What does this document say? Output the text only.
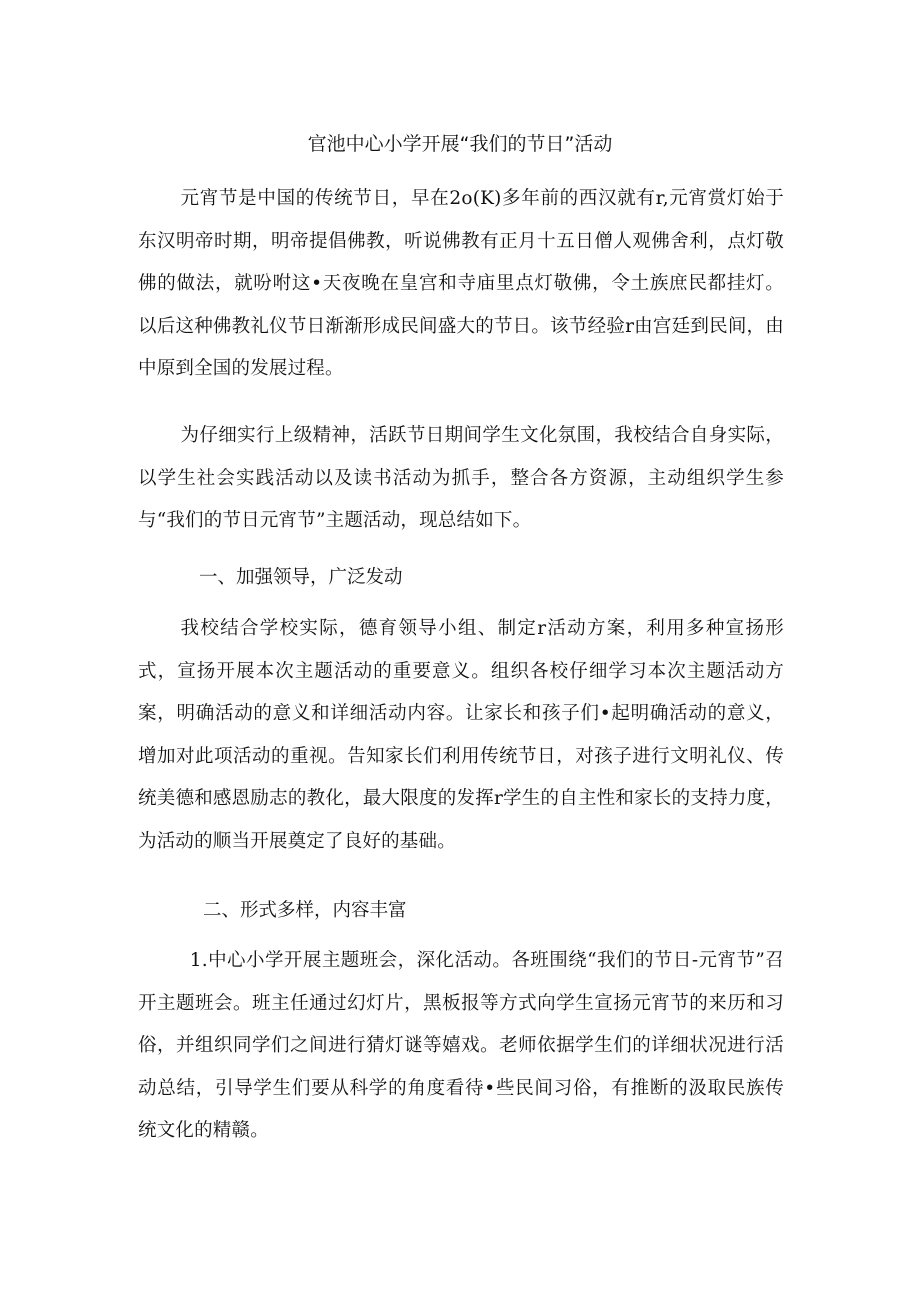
官池中心小学开展“我们的节日”活动

元宵节是中国的传统节日，早在2o(K)多年前的西汉就有r,元宵赏灯始于东汉明帝时期，明帝提倡佛教，听说佛教有正月十五日僧人观佛舍利，点灯敬佛的做法，就吩咐这•天夜晚在皇宫和寺庙里点灯敬佛，令土族庶民都挂灯。以后这种佛教礼仪节日渐渐形成民间盛大的节日。该节经验r由宫廷到民间，由中原到全国的发展过程。

为仔细实行上级精神，活跃节日期间学生文化氛围，我校结合自身实际，以学生社会实践活动以及读书活动为抓手，整合各方资源，主动组织学生参与“我们的节日元宵节”主题活动，现总结如下。

一、加强领导，广泛发动

我校结合学校实际，德育领导小组、制定r活动方案，利用多种宣扬形式，宣扬开展本次主题活动的重要意义。组织各校仔细学习本次主题活动方案，明确活动的意义和详细活动内容。让家长和孩子们•起明确活动的意义，增加对此项活动的重视。告知家长们利用传统节日，对孩子进行文明礼仪、传统美德和感恩励志的教化，最大限度的发挥r学生的自主性和家长的支持力度，为活动的顺当开展奠定了良好的基础。

二、形式多样，内容丰富

1.中心小学开展主题班会，深化活动。各班围绕“我们的节日-元宵节”召开主题班会。班主任通过幻灯片，黑板报等方式向学生宣扬元宵节的来历和习俗，并组织同学们之间进行猜灯谜等嬉戏。老师依据学生们的详细状况进行活动总结，引导学生们要从科学的角度看待•些民间习俗，有推断的汲取民族传统文化的精赣。
